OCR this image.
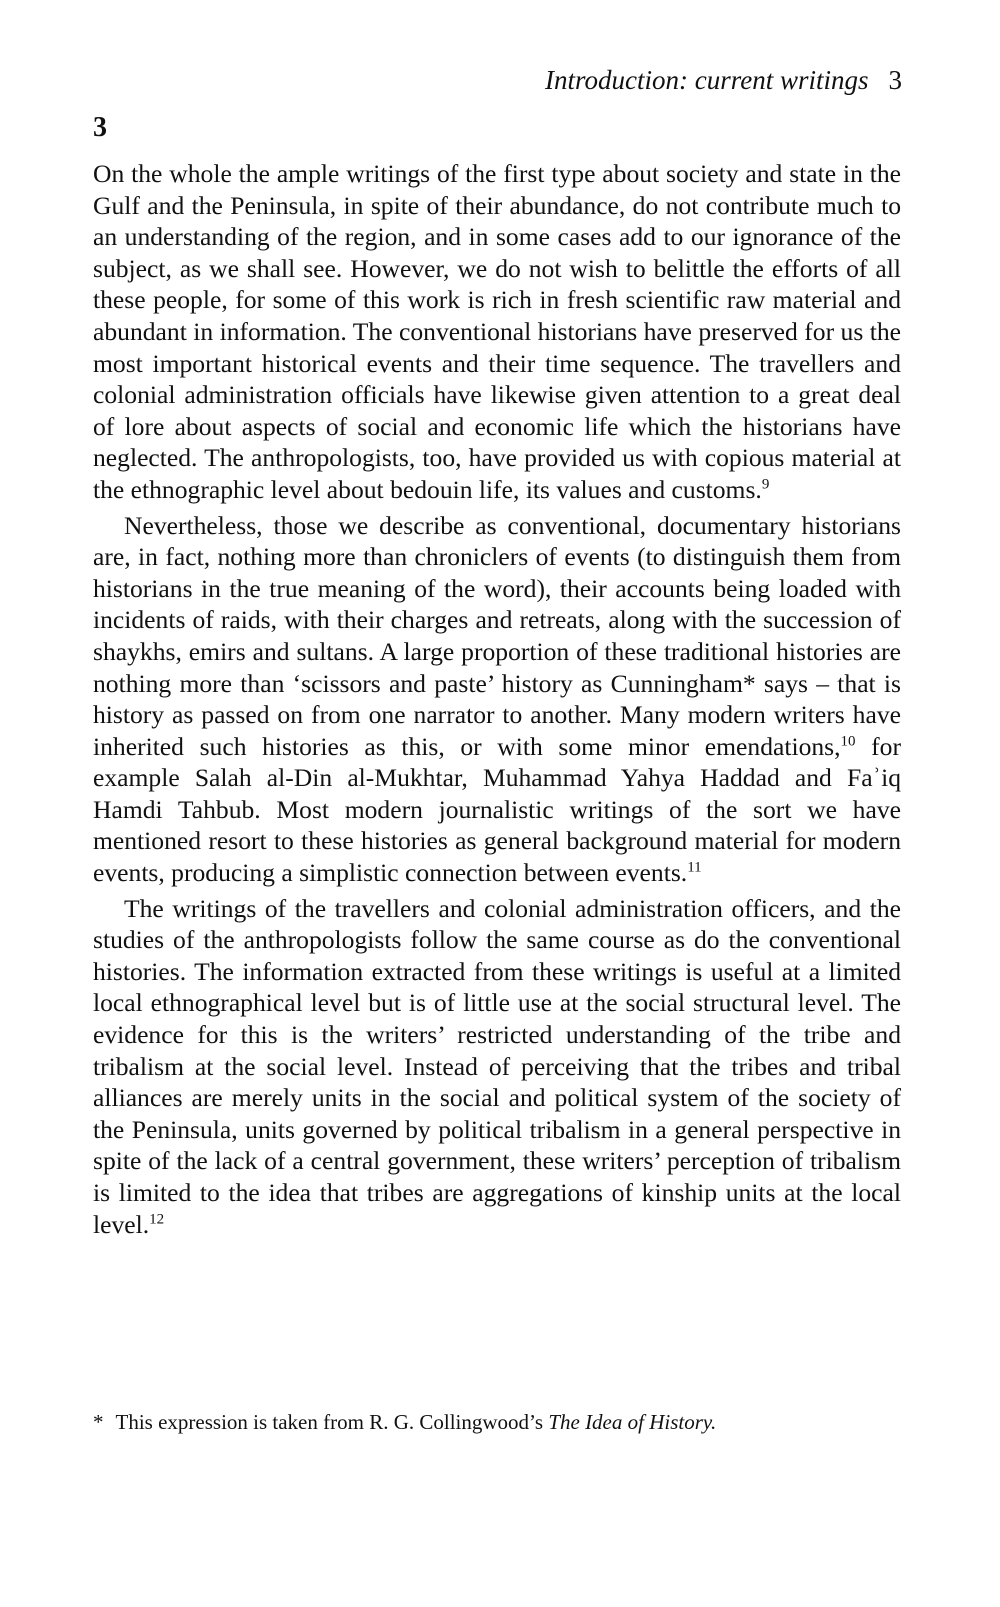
Introduction: current writings 3
3

On the whole the ample writings of the first type about society and state in the Gulf and the Peninsula, in spite of their abundance, do not contribute much to an understanding of the region, and in some cases add to our ignorance of the subject, as we shall see. However, we do not wish to belittle the efforts of all these people, for some of this work is rich in fresh scientific raw material and abundant in information. The conventional historians have preserved for us the most important historical events and their time sequence. The travellers and colonial administration officials have likewise given attention to a great deal of lore about aspects of social and economic life which the historians have neglected. The anthropologists, too, have provided us with copious material at the ethnographic level about bedouin life, its values and customs.$^9$

Nevertheless, those we describe as conventional, documentary historians are, in fact, nothing more than chroniclers of events (to distinguish them from historians in the true meaning of the word), their accounts being loaded with incidents of raids, with their charges and retreats, along with the succession of shaykhs, emirs and sultans. A large proportion of these traditional histories are nothing more than ‘scissors and paste’ history as Cunningham* says – that is history as passed on from one narrator to another. Many modern writers have inherited such histories as this, or with some minor emendations,$^{10}$ for example Salah al-Din al-Mukhtar, Muhammad Yahya Haddad and Faʾiq Hamdi Tahbub. Most modern journalistic writings of the sort we have mentioned resort to these histories as general background material for modern events, producing a simplistic connection between events.$^{11}$

The writings of the travellers and colonial administration officers, and the studies of the anthropologists follow the same course as do the conventional histories. The information extracted from these writings is useful at a limited local ethnographical level but is of little use at the social structural level. The evidence for this is the writers’ restricted understanding of the tribe and tribalism at the social level. Instead of perceiving that the tribes and tribal alliances are merely units in the social and political system of the society of the Peninsula, units governed by political tribalism in a general perspective in spite of the lack of a central government, these writers’ perception of tribalism is limited to the idea that tribes are aggregations of kinship units at the local level.$^{12}$

* This expression is taken from R. G. Collingwood’s The Idea of History.
